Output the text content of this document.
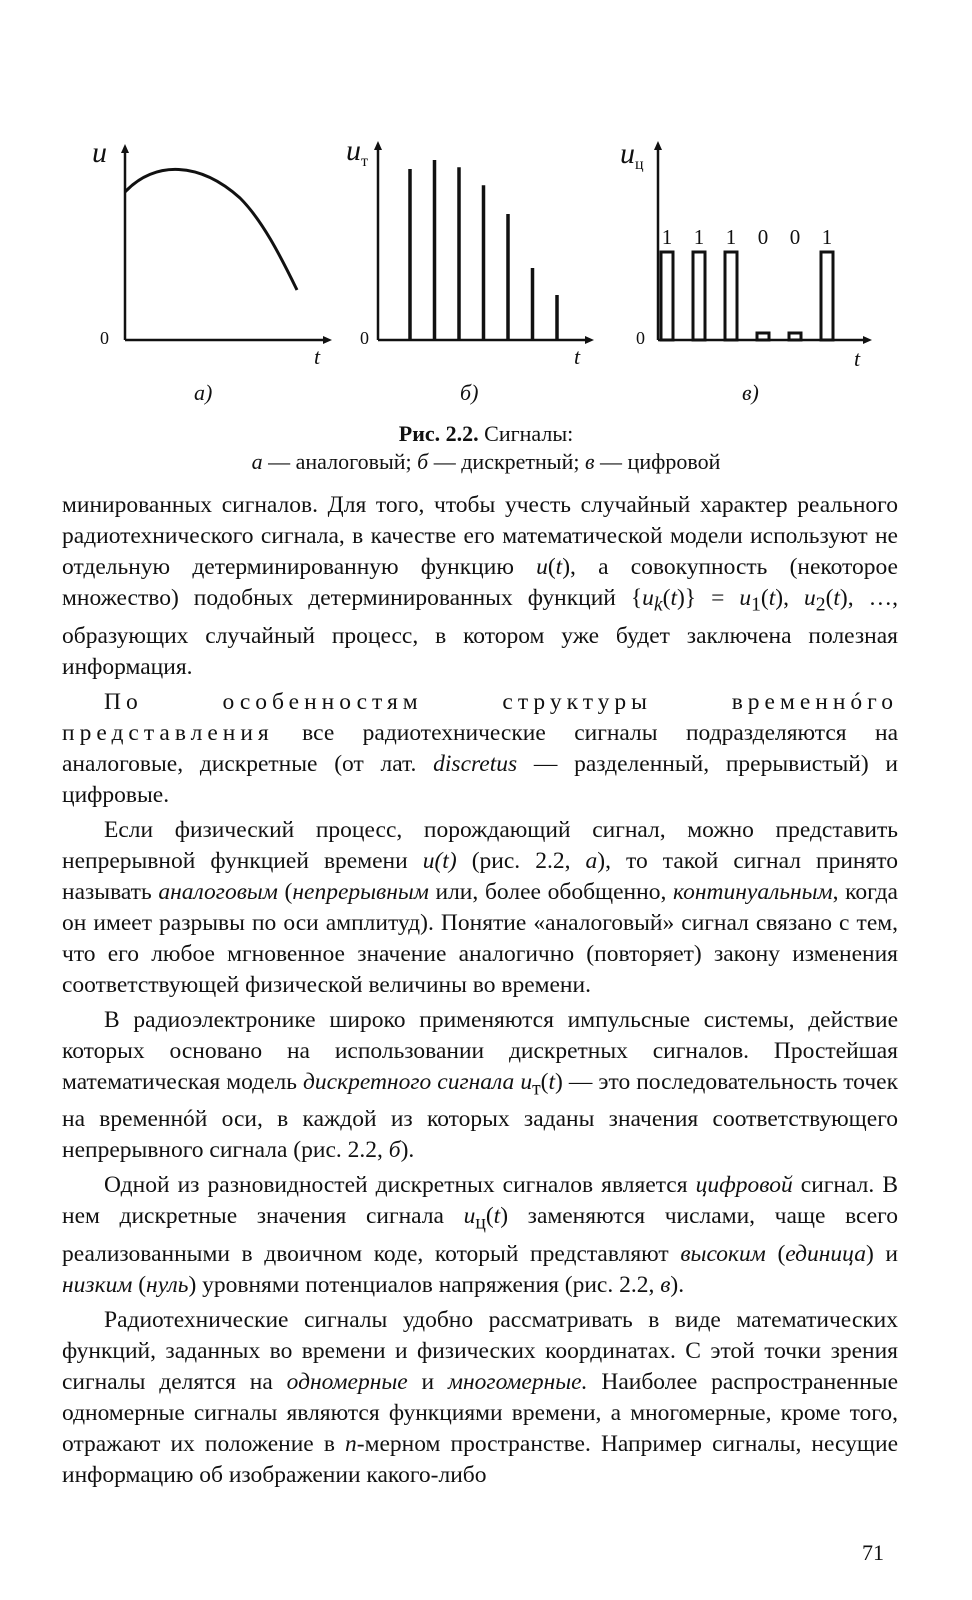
u
0
t
а)
$u_т$
0
t
б)
1 1 1 0 0 1
$u_ц$
0
t
в)
Рис. 2.2. Сигналы:
а — аналоговый; б — дискретный; в — цифровой

минированных сигналов. Для того, чтобы учесть случайный характер реального радиотехнического сигнала, в качестве его математической модели используют не отдельную детерминированную функцию u(t), а совокупность (некоторое множество) подобных детерминированных функций $\{u_k(t)\} = u_1(t)$, $u_2(t)$, …, образующих случайный процесс, в котором уже будет заключена полезная информация.

По особенностям структуры временнóго представления все радиотехнические сигналы подразделяются на аналоговые, дискретные (от лат. discretus — разделенный, прерывистый) и цифровые.

Если физический процесс, порождающий сигнал, можно представить непрерывной функцией времени u(t) (рис. 2.2, а), то такой сигнал принято называть аналоговым (непрерывным или, более обобщенно, континуальным, когда он имеет разрывы по оси амплитуд). Понятие «аналоговый» сигнал связано с тем, что его любое мгновенное значение аналогично (повторяет) закону изменения соответствующей физической величины во времени.

В радиоэлектронике широко применяются импульсные системы, действие которых основано на использовании дискретных сигналов. Простейшая математическая модель дискретного сигнала $u_т(t)$ — это последовательность точек на временнóй оси, в каждой из которых заданы значения соответствующего непрерывного сигнала (рис. 2.2, б).

Одной из разновидностей дискретных сигналов является цифровой сигнал. В нем дискретные значения сигнала $u_ц(t)$ заменяются числами, чаще всего реализованными в двоичном коде, который представляют высоким (единица) и низким (нуль) уровнями потенциалов напряжения (рис. 2.2, в).

Радиотехнические сигналы удобно рассматривать в виде математических функций, заданных во времени и физических координатах. С этой точки зрения сигналы делятся на одномерные и многомерные. Наиболее распространенные одномерные сигналы являются функциями времени, а многомерные, кроме того, отражают их положение в n-мерном пространстве. Например сигналы, несущие информацию об изображении какого-либо

71
